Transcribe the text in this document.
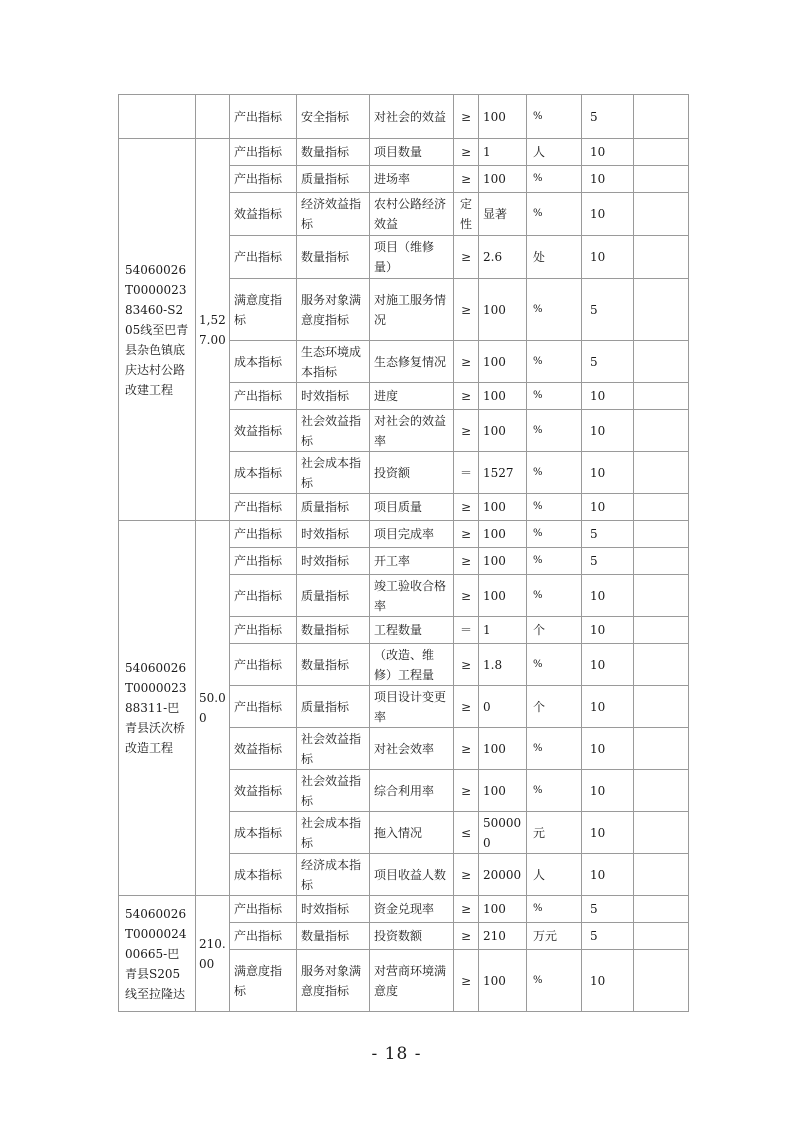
		产出指标	安全指标	对社会的效益	≥	100	%	5	
54060026T000002383460-S205线至巴青县杂色镇底庆达村公路改建工程	1,527.00	产出指标	数量指标	项目数量	≥	1	人	10	
		产出指标	质量指标	进场率	≥	100	%	10	
		效益指标	经济效益指标	农村公路经济效益	定性	显著	%	10	
		产出指标	数量指标	项目（维修量）	≥	2.6	处	10	
		满意度指标	服务对象满意度指标	对施工服务情况	≥	100	%	5	
		成本指标	生态环境成本指标	生态修复情况	≥	100	%	5	
		产出指标	时效指标	进度	≥	100	%	10	
		效益指标	社会效益指标	对社会的效益率	≥	100	%	10	
		成本指标	社会成本指标	投资额	＝	1527	%	10	
		产出指标	质量指标	项目质量	≥	100	%	10	
54060026T000002388311-巴青县沃次桥改造工程	50.00	产出指标	时效指标	项目完成率	≥	100	%	5	
		产出指标	时效指标	开工率	≥	100	%	5	
		产出指标	质量指标	竣工验收合格率	≥	100	%	10	
		产出指标	数量指标	工程数量	＝	1	个	10	
		产出指标	数量指标	（改造、维修）工程量	≥	1.8	%	10	
		产出指标	质量指标	项目设计变更率	≥	0	个	10	
		效益指标	社会效益指标	对社会效率	≥	100	%	10	
		效益指标	社会效益指标	综合利用率	≥	100	%	10	
		成本指标	社会成本指标	拖入情况	≤	500000	元	10	
		成本指标	经济成本指标	项目收益人数	≥	20000	人	10	
54060026T000002400665-巴青县S205线至拉隆达	210.00	产出指标	时效指标	资金兑现率	≥	100	%	5	
		产出指标	数量指标	投资数额	≥	210	万元	5	
		满意度指标	服务对象满意度指标	对营商环境满意度	≥	100	%	10	
- 18 -
